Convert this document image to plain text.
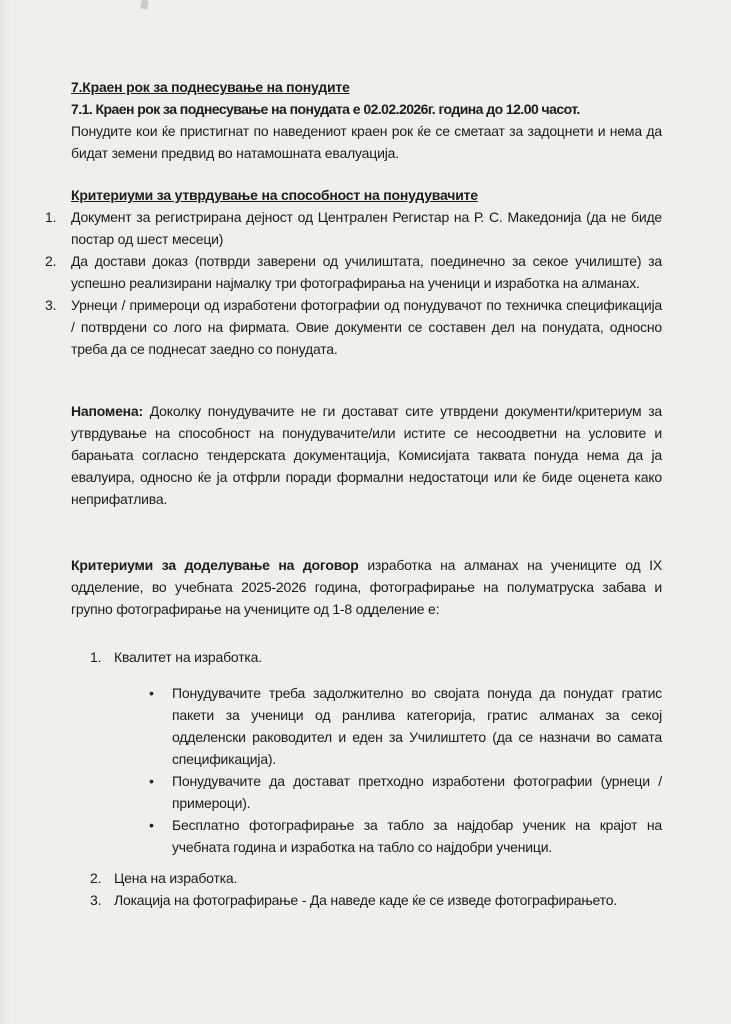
7.Краен рок за поднесување на понудите
7.1. Краен рок за поднесување на понудата е 02.02.2026г. година до 12.00 часот.
Понудите кои ќе пристигнат по наведениот краен рок ќе се сметаат за задоцнети и нема да бидат земени предвид во натамошната евалуација.
Критериуми за утврдување на способност на понудувачите
1.	Документ за регистрирана дејност од Централен Регистар на Р. С. Македонија (да не биде постар од шест месеци)
2.	Да достави доказ (потврди заверени од училиштата, поединечно за секое училиште) за успешно реализирани најмалку три фотографирања на ученици и изработка на алманах.
3.	Урнеци / примероци од изработени фотографии од понудувачот по техничка спецификација / потврдени со лого на фирмата. Овие документи се составен дел на понудата, односно треба да се поднесат заедно со понудата.

Напомена: Доколку понудувачите не ги достават сите утврдени документи/критериум за утврдување на способност на понудувачите/или истите се несоодветни на условите и барањата согласно тендерската документација, Комисијата таквата понуда нема да ја евалуира, односно ќе ја отфрли поради формални недостатоци или ќе биде оценета како неприфатлива.

Критериуми за доделување на договор изработка на алманах на учениците од IX одделение, во учебната 2025-2026 година, фотографирање на полуматруска забава и групно фотографирање на учениците од 1-8 одделение е:

1. Квалитет на изработка.
•	Понудувачите треба задолжително во својата понуда да понудат гратис пакети за ученици од ранлива категорија, гратис алманах за секој одделенски раководител и еден за Училиштето (да се назначи во самата спецификација).
•	Понудувачите да достават претходно изработени фотографии (урнеци / примероци).
•	Бесплатно фотографирање за табло за најдобар ученик на крајот на учебната година и изработка на табло со најдобри ученици.
2. Цена на изработка.
3. Локација на фотографирање - Да наведе каде ќе се изведе фотографирањето.
